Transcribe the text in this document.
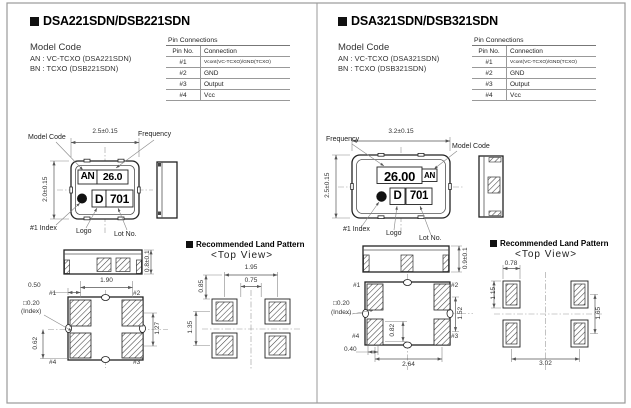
DSA221SDN/DSB221SDN
Model Code
AN : VC-TCXO (DSA221SDN)
BN : TCXO (DSB221SDN)
Pin Connections
Pin No.	Connection
#1	Vcont(VC-TCXO)/GND(TCXO)
#2	GND
#3	Output
#4	Vcc
2.5±0.15
Model Code	Frequency
2.0±0.15
AN 26.0
D 701
#1 Index	Logo	Lot No.
0.8±0.1
1.90
0.50
□0.20
(Index)
0.62
1.27
#1	#2
#4	#3
Recommended Land Pattern
<Top View>
1.95
0.75
0.85
1.35
DSA321SDN/DSB321SDN
Model Code
AN : VC-TCXO (DSA321SDN)
BN : TCXO (DSB321SDN)
Pin Connections
Pin No.	Connection
#1	Vcont(VC-TCXO)/GND(TCXO)
#2	GND
#3	Output
#4	Vcc
3.2±0.15
Frequency
Model Code
2.5±0.15	26.00	AN
D 701
#1 Index
Logo
Lot No.
0.9±0.1
#1	#2
#4	#3
□0.20
(Index)
0.40
0.82
1.52
2.64
Recommended Land Pattern
<Top View>
0.78
1.15
1.65
3.02
